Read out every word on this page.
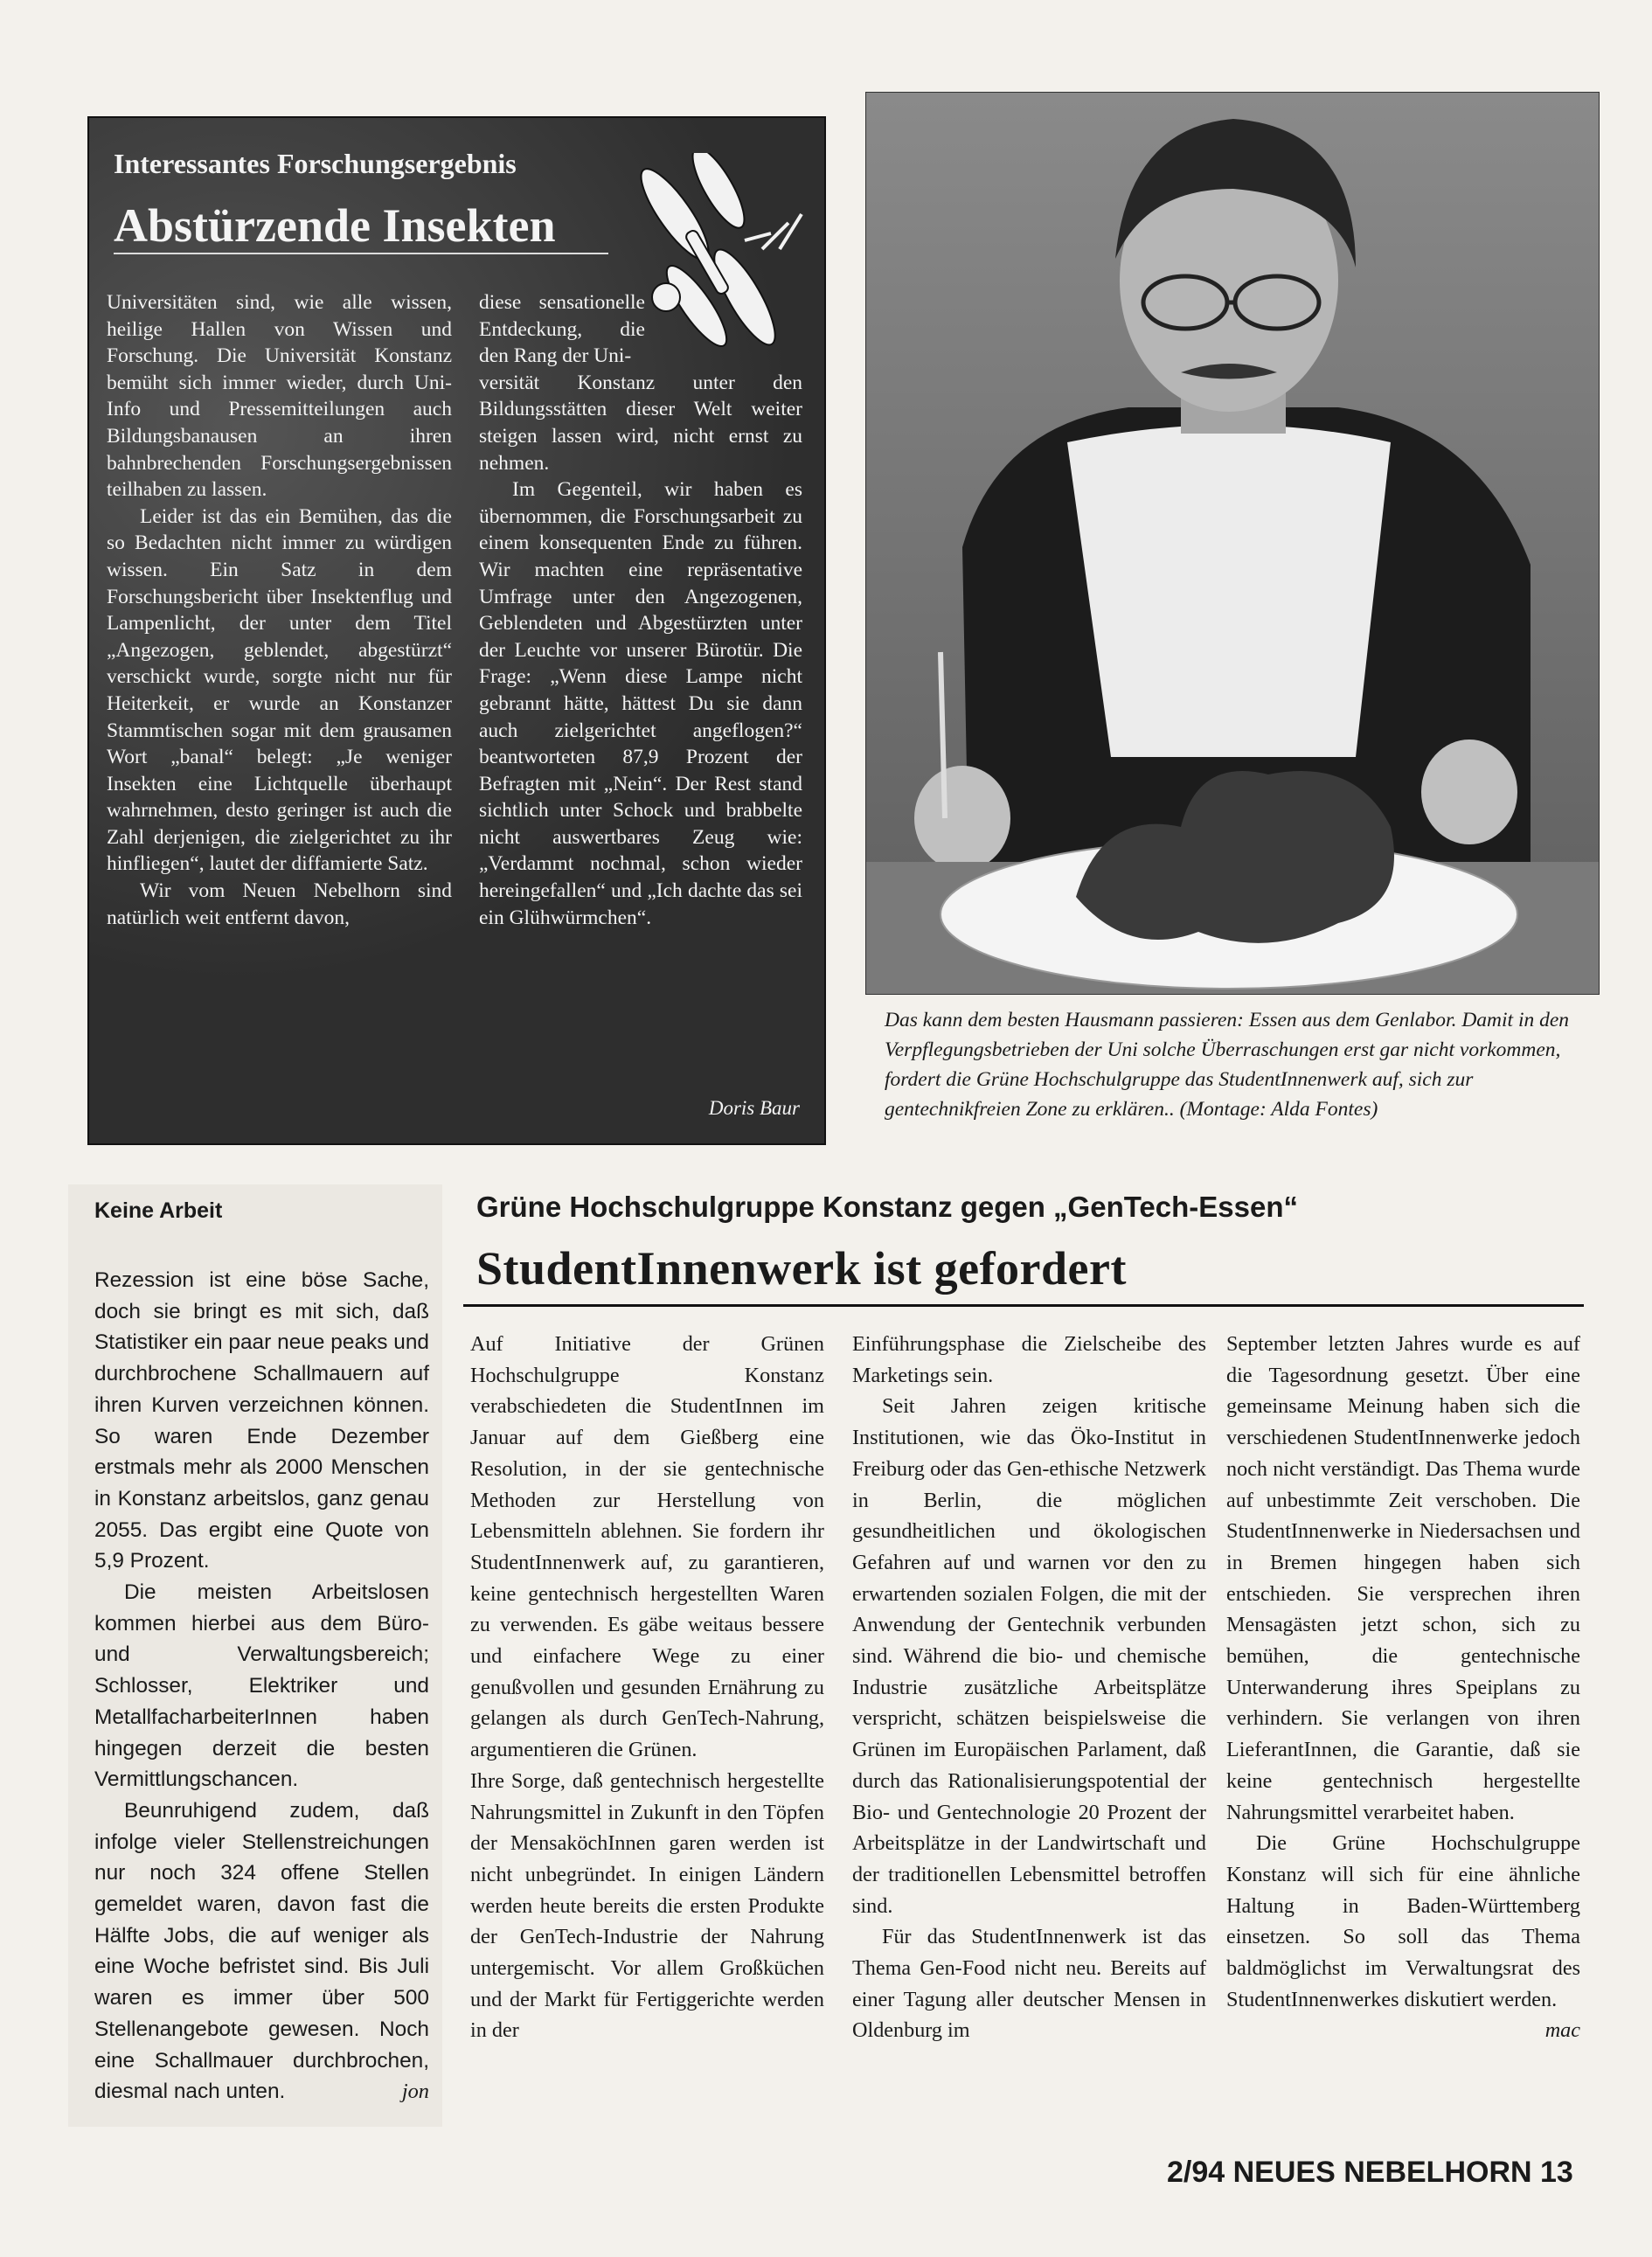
Interessantes Forschungsergebnis
Abstürzende Insekten

Universitäten sind, wie alle wissen, heilige Hallen von Wissen und Forschung. Die Universität Konstanz bemüht sich immer wieder, durch Uni-Info und Pressemitteilungen auch Bildungsbanausen an ihren bahnbrechenden Forschungsergebnissen teilhaben zu lassen.

Leider ist das ein Bemühen, das die so Bedachten nicht immer zu würdigen wissen. Ein Satz in dem Forschungsbericht über Insektenflug und Lampenlicht, der unter dem Titel „Angezogen, geblendet, abgestürzt“ verschickt wurde, sorgte nicht nur für Heiterkeit, er wurde an Konstanzer Stammtischen sogar mit dem grausamen Wort „banal“ belegt: „Je weniger Insekten eine Lichtquelle überhaupt wahrnehmen, desto geringer ist auch die Zahl derjenigen, die zielgerichtet zu ihr hinfliegen“, lautet der diffamierte Satz.

Wir vom Neuen Nebelhorn sind natürlich weit entfernt davon,

diese sensationelle Entdeckung, die den Rang der Uni-

versität Konstanz unter den Bildungsstätten dieser Welt weiter steigen lassen wird, nicht ernst zu nehmen.

Im Gegenteil, wir haben es übernommen, die Forschungsarbeit zu einem konsequenten Ende zu führen. Wir machten eine repräsentative Umfrage unter den Angezogenen, Geblendeten und Abgestürzten unter der Leuchte vor unserer Bürotür. Die Frage: „Wenn diese Lampe nicht gebrannt hätte, hättest Du sie dann auch zielgerichtet angeflogen?“ beantworteten 87,9 Prozent der Befragten mit „Nein“. Der Rest stand sichtlich unter Schock und brabbelte nicht auswertbares Zeug wie: „Verdammt nochmal, schon wieder hereingefallen“ und „Ich dachte das sei ein Glühwürmchen“.

Doris Baur
Das kann dem besten Hausmann passieren: Essen aus dem Genlabor. Damit in den Verpflegungsbetrieben der Uni solche Überraschungen erst gar nicht vorkommen, fordert die Grüne Hochschulgruppe das StudentInnenwerk auf, sich zur gentechnikfreien Zone zu erklären.. (Montage: Alda Fontes)
Keine Arbeit

Rezession ist eine böse Sache, doch sie bringt es mit sich, daß Statistiker ein paar neue peaks und durchbrochene Schallmauern auf ihren Kurven verzeichnen können. So waren Ende Dezember erstmals mehr als 2000 Menschen in Konstanz arbeitslos, ganz genau 2055. Das ergibt eine Quote von 5,9 Prozent.

Die meisten Arbeitslosen kommen hierbei aus dem Büro- und Verwaltungsbereich; Schlosser, Elektriker und MetallfacharbeiterInnen haben hingegen derzeit die besten Vermittlungschancen.

Beunruhigend zudem, daß infolge vieler Stellenstreichungen nur noch 324 offene Stellen gemeldet waren, davon fast die Hälfte Jobs, die auf weniger als eine Woche befristet sind. Bis Juli waren es immer über 500 Stellenangebote gewesen. Noch eine Schallmauer durchbrochen, diesmal nach unten.	jon

Grüne Hochschulgruppe Konstanz gegen „GenTech-Essen“
StudentInnenwerk ist gefordert

Auf Initiative der Grünen Hochschulgruppe Konstanz verabschiedeten die StudentInnen im Januar auf dem Gießberg eine Resolution, in der sie gentechnische Methoden zur Herstellung von Lebensmitteln ablehnen. Sie fordern ihr StudentInnenwerk auf, zu garantieren, keine gentechnisch hergestellten Waren zu verwenden. Es gäbe weitaus bessere und einfachere Wege zu einer genußvollen und gesunden Ernährung zu gelangen als durch GenTech-Nahrung, argumentieren die Grünen.

Ihre Sorge, daß gentechnisch hergestellte Nahrungsmittel in Zukunft in den Töpfen der MensaköchInnen garen werden ist nicht unbegründet. In einigen Ländern werden heute bereits die ersten Produkte der GenTech-Industrie der Nahrung untergemischt. Vor allem Großküchen und der Markt für Fertiggerichte werden in der

Einführungsphase die Zielscheibe des Marketings sein.

Seit Jahren zeigen kritische Institutionen, wie das Öko-Institut in Freiburg oder das Gen-ethische Netzwerk in Berlin, die möglichen gesundheitlichen und ökologischen Gefahren auf und warnen vor den zu erwartenden sozialen Folgen, die mit der Anwendung der Gentechnik verbunden sind. Während die bio- und chemische Industrie zusätzliche Arbeitsplätze verspricht, schätzen beispielsweise die Grünen im Europäischen Parlament, daß durch das Rationalisierungspotential der Bio- und Gentechnologie 20 Prozent der Arbeitsplätze in der Landwirtschaft und der traditionellen Lebensmittel betroffen sind.

Für das StudentInnenwerk ist das Thema Gen-Food nicht neu. Bereits auf einer Tagung aller deutscher Mensen in Oldenburg im

September letzten Jahres wurde es auf die Tagesordnung gesetzt. Über eine gemeinsame Meinung haben sich die verschiedenen StudentInnenwerke jedoch noch nicht verständigt. Das Thema wurde auf unbestimmte Zeit verschoben. Die StudentInnenwerke in Niedersachsen und in Bremen hingegen haben sich entschieden. Sie versprechen ihren Mensagästen jetzt schon, sich zu bemühen, die gentechnische Unterwanderung ihres Speiplans zu verhindern. Sie verlangen von ihren LieferantInnen, die Garantie, daß sie keine gentechnisch hergestellte Nahrungsmittel verarbeitet haben.

Die Grüne Hochschulgruppe Konstanz will sich für eine ähnliche Haltung in Baden-Württemberg einsetzen. So soll das Thema baldmöglichst im Verwaltungsrat des StudentInnenwerkes diskutiert werden.
mac

2/94 NEUES NEBELHORN 13
